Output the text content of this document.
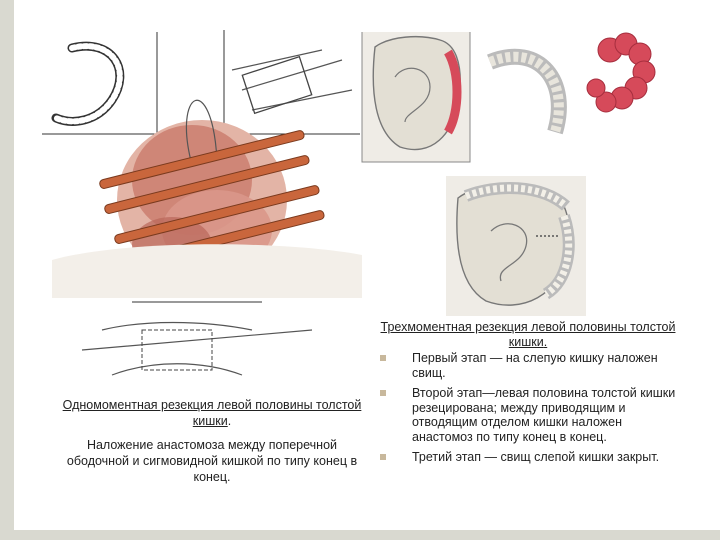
Одномоментная резекция левой половины толстой кишки.

Наложение анастомоза между поперечной ободочной и сигмовидной кишкой по типу конец в конец.

Трехмоментная резекция левой половины толстой кишки.

Первый этап — на слепую кишку наложен свищ.
Второй этап—левая половина толстой кишки резецирована; между приводящим и отводящим отделом кишки наложен анастомоз по типу конец в конец.
Третий этап — свищ слепой кишки закрыт.
